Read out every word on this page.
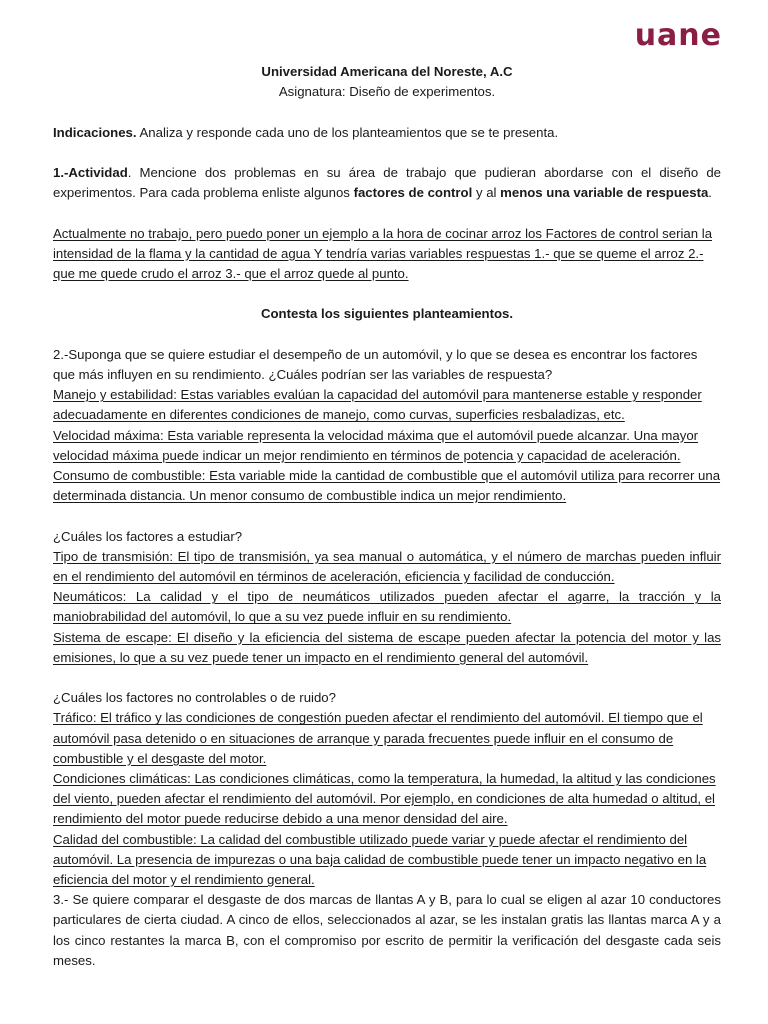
uane

Universidad Americana del Noreste, A.C

Asignatura: Diseño de experimentos.

Indicaciones. Analiza y responde cada uno de los planteamientos que se te presenta.

1.-Actividad. Mencione dos problemas en su área de trabajo que pudieran abordarse con el diseño de experimentos. Para cada problema enliste algunos factores de control y al menos una variable de respuesta.

Actualmente no trabajo, pero puedo poner un ejemplo a la hora de cocinar arroz los Factores de control serian la intensidad de la flama y la cantidad de agua Y tendría varias variables respuestas 1.- que se queme el arroz 2.- que me quede crudo el arroz 3.- que el arroz quede al punto.

Contesta los siguientes planteamientos.

2.-Suponga que se quiere estudiar el desempeño de un automóvil, y lo que se desea es encontrar los factores que más influyen en su rendimiento. ¿Cuáles podrían ser las variables de respuesta?

Manejo y estabilidad: Estas variables evalúan la capacidad del automóvil para mantenerse estable y responder adecuadamente en diferentes condiciones de manejo, como curvas, superficies resbaladizas, etc.

Velocidad máxima: Esta variable representa la velocidad máxima que el automóvil puede alcanzar. Una mayor velocidad máxima puede indicar un mejor rendimiento en términos de potencia y capacidad de aceleración.

Consumo de combustible: Esta variable mide la cantidad de combustible que el automóvil utiliza para recorrer una determinada distancia. Un menor consumo de combustible indica un mejor rendimiento.

¿Cuáles los factores a estudiar?

Tipo de transmisión: El tipo de transmisión, ya sea manual o automática, y el número de marchas pueden influir en el rendimiento del automóvil en términos de aceleración, eficiencia y facilidad de conducción.

Neumáticos: La calidad y el tipo de neumáticos utilizados pueden afectar el agarre, la tracción y la maniobrabilidad del automóvil, lo que a su vez puede influir en su rendimiento.

Sistema de escape: El diseño y la eficiencia del sistema de escape pueden afectar la potencia del motor y las emisiones, lo que a su vez puede tener un impacto en el rendimiento general del automóvil.

¿Cuáles los factores no controlables o de ruido?

Tráfico: El tráfico y las condiciones de congestión pueden afectar el rendimiento del automóvil. El tiempo que el automóvil pasa detenido o en situaciones de arranque y parada frecuentes puede influir en el consumo de combustible y el desgaste del motor.

Condiciones climáticas: Las condiciones climáticas, como la temperatura, la humedad, la altitud y las condiciones del viento, pueden afectar el rendimiento del automóvil. Por ejemplo, en condiciones de alta humedad o altitud, el rendimiento del motor puede reducirse debido a una menor densidad del aire.

Calidad del combustible: La calidad del combustible utilizado puede variar y puede afectar el rendimiento del automóvil. La presencia de impurezas o una baja calidad de combustible puede tener un impacto negativo en la eficiencia del motor y el rendimiento general.

3.- Se quiere comparar el desgaste de dos marcas de llantas A y B, para lo cual se eligen al azar 10 conductores particulares de cierta ciudad. A cinco de ellos, seleccionados al azar, se les instalan gratis las llantas marca A y a los cinco restantes la marca B, con el compromiso por escrito de permitir la verificación del desgaste cada seis meses.
